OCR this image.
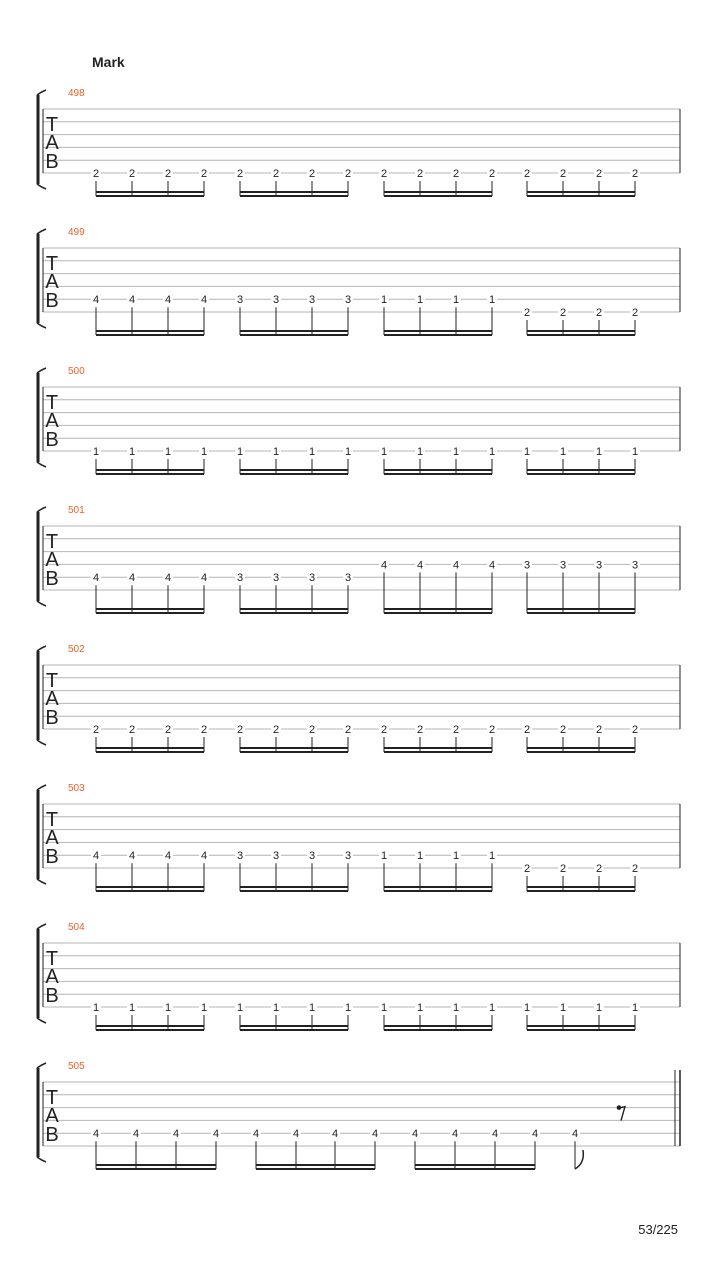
Mark
T
A
B
498
2	2	2	2	2	2	2	2	2	2	2	2	2	2	2	2
T
A
B
499
4	4	4	4	3	3	3	3	1	1	1	1
2	2	2	2
T
A
B
500
1	1	1	1	1	1	1	1	1	1	1	1	1	1	1	1
T
A
B
501
4	4	4	4	3	3	3	3
4	4	4	4	3	3	3	3
T
A
B
502
2	2	2	2	2	2	2	2	2	2	2	2	2	2	2	2
T
A
B
503
4	4	4	4	3	3	3	3	1	1	1	1
2	2	2	2
T
A
B
504
1	1	1	1	1	1	1	1	1	1	1	1	1	1	1	1
T
A
B
505
4	4	4	4	4	4	4	4	4	4	4	4	4
53/225
